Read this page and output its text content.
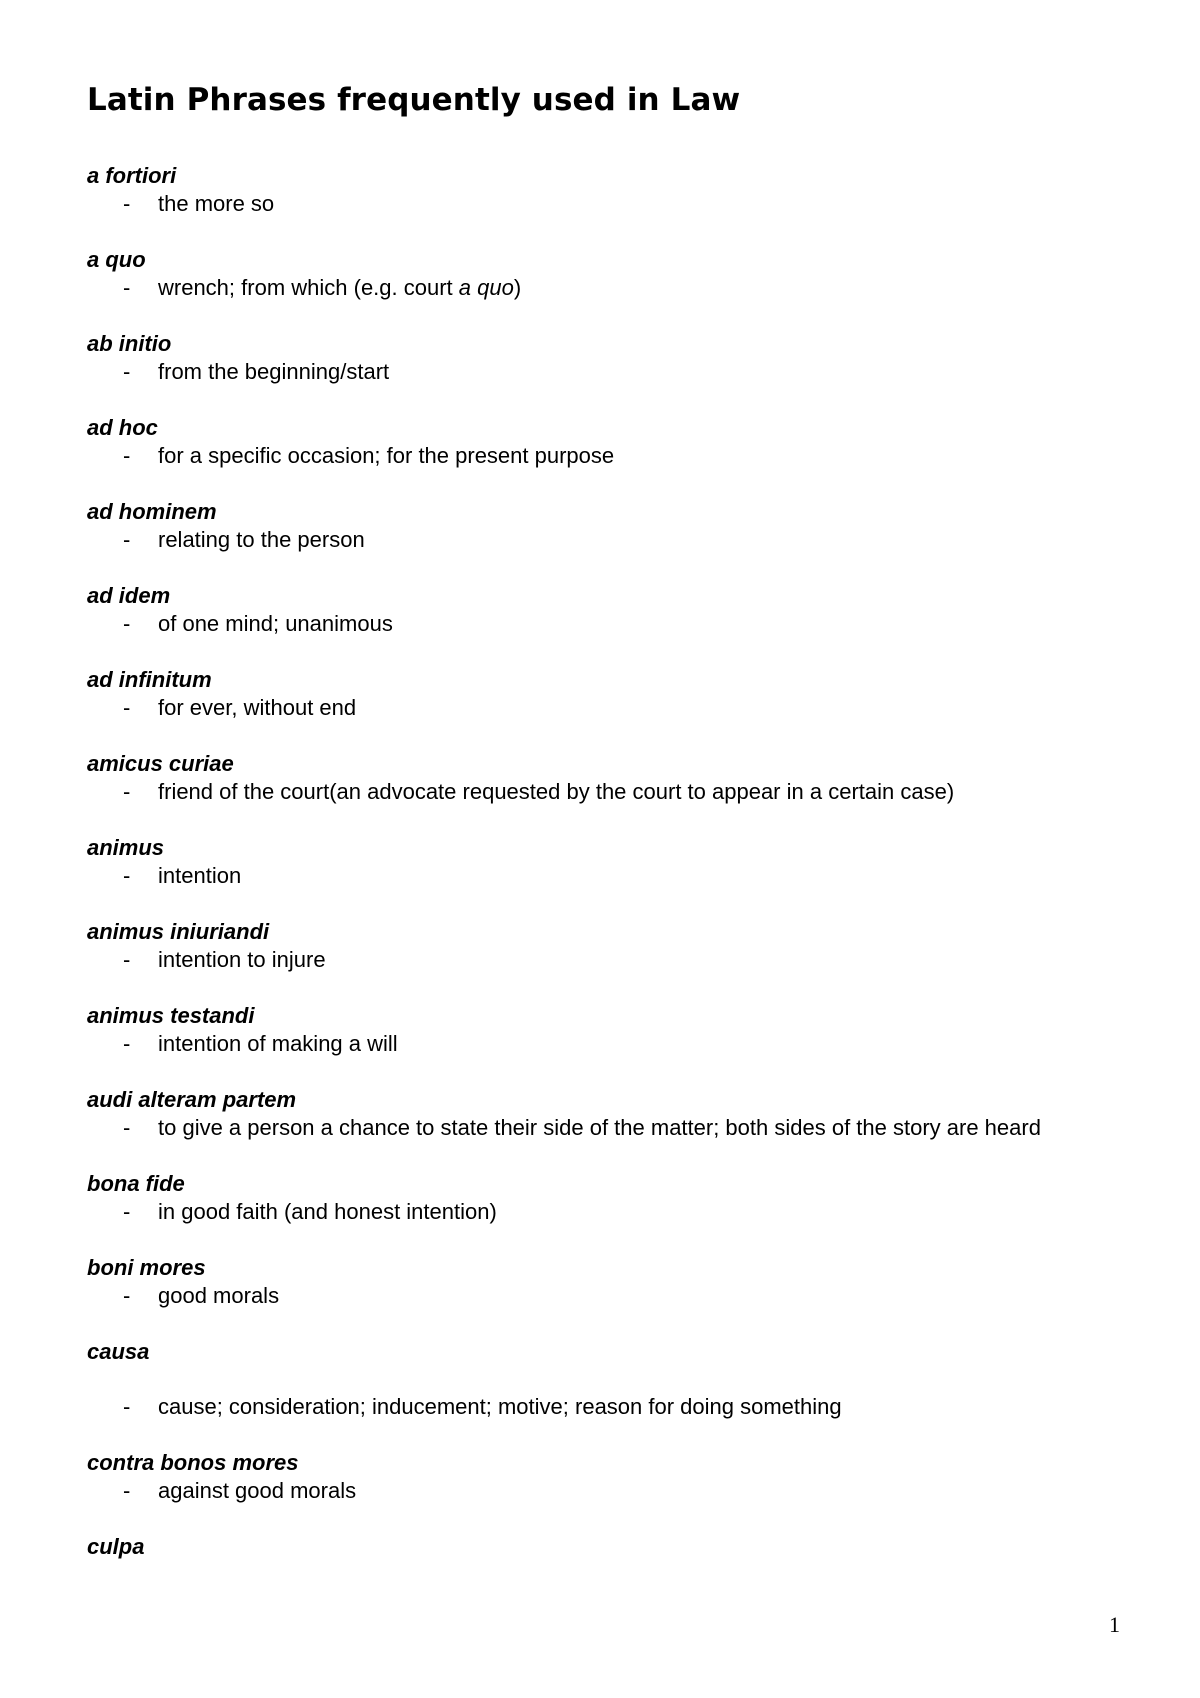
Latin Phrases frequently used in Law
a fortiori
-	the more so
a quo
-	wrench; from which (e.g. court a quo)
ab initio
-	from the beginning/start
ad hoc
-	for a specific occasion; for the present purpose
ad hominem
-	relating to the person
ad idem
-	of one mind; unanimous
ad infinitum
-	for ever, without end
amicus curiae
-	friend of the court(an advocate requested by the court to appear in a certain case)
animus
-	intention
animus iniuriandi
-	intention to injure
animus testandi
-	intention of making a will
audi alteram partem
-	to give a person a chance to state their side of the matter; both sides of the story are heard
bona fide
-	in good faith (and honest intention)
boni mores
-	good morals
causa
-	cause; consideration; inducement; motive; reason for doing something
contra bonos mores
-	against good morals
culpa
1
